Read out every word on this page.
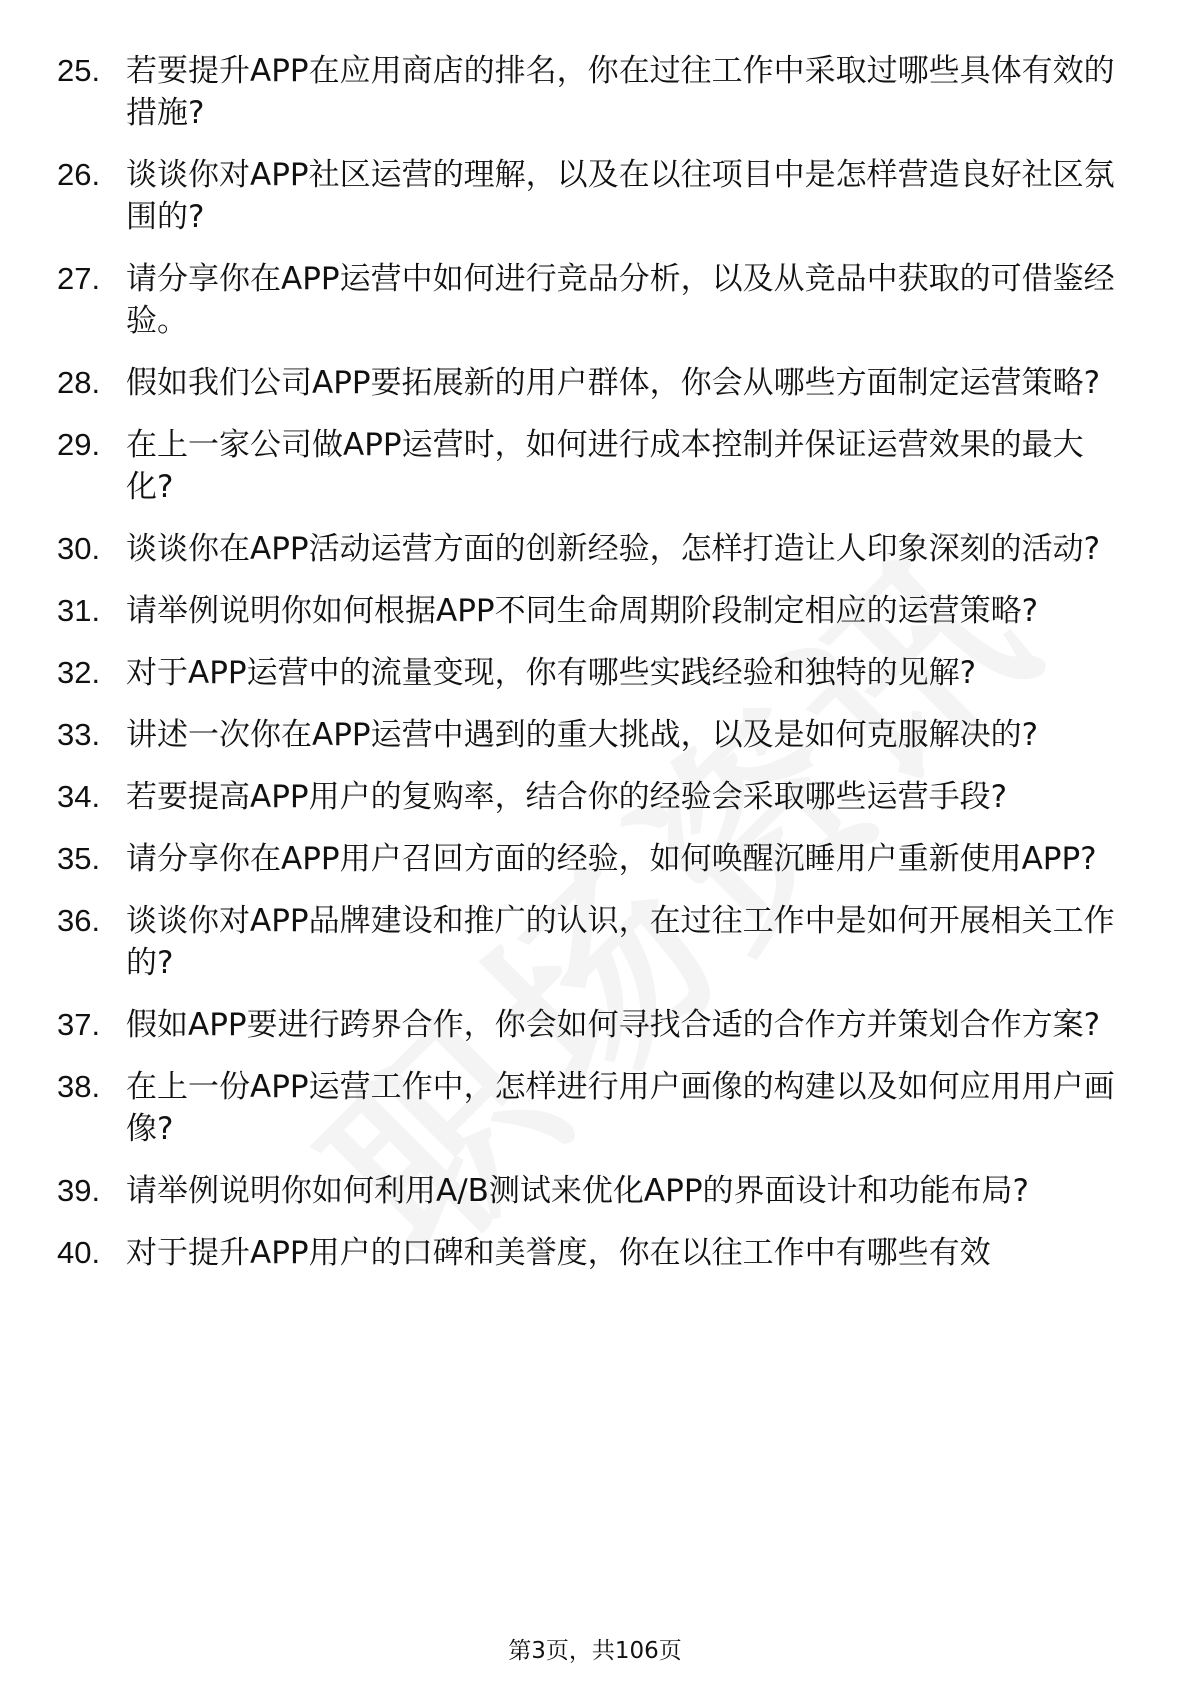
25. 若要提升APP在应用商店的排名，你在过往工作中采取过哪些具体有效的措施?
26. 谈谈你对APP社区运营的理解，以及在以往项目中是怎样营造良好社区氛围的?
27. 请分享你在APP运营中如何进行竞品分析，以及从竞品中获取的可借鉴经验。
28. 假如我们公司APP要拓展新的用户群体，你会从哪些方面制定运营策略?
29. 在上一家公司做APP运营时，如何进行成本控制并保证运营效果的最大化?
30. 谈谈你在APP活动运营方面的创新经验，怎样打造让人印象深刻的活动?
31. 请举例说明你如何根据APP不同生命周期阶段制定相应的运营策略?
32. 对于APP运营中的流量变现，你有哪些实践经验和独特的见解?
33. 讲述一次你在APP运营中遇到的重大挑战，以及是如何克服解决的?
34. 若要提高APP用户的复购率，结合你的经验会采取哪些运营手段?
35. 请分享你在APP用户召回方面的经验，如何唤醒沉睡用户重新使用APP?
36. 谈谈你对APP品牌建设和推广的认识，在过往工作中是如何开展相关工作的?
37. 假如APP要进行跨界合作，你会如何寻找合适的合作方并策划合作方案?
38. 在上一份APP运营工作中，怎样进行用户画像的构建以及如何应用用户画像?
39. 请举例说明你如何利用A/B测试来优化APP的界面设计和功能布局?
40. 对于提升APP用户的口碑和美誉度，你在以往工作中有哪些有效
第3页，共106页
